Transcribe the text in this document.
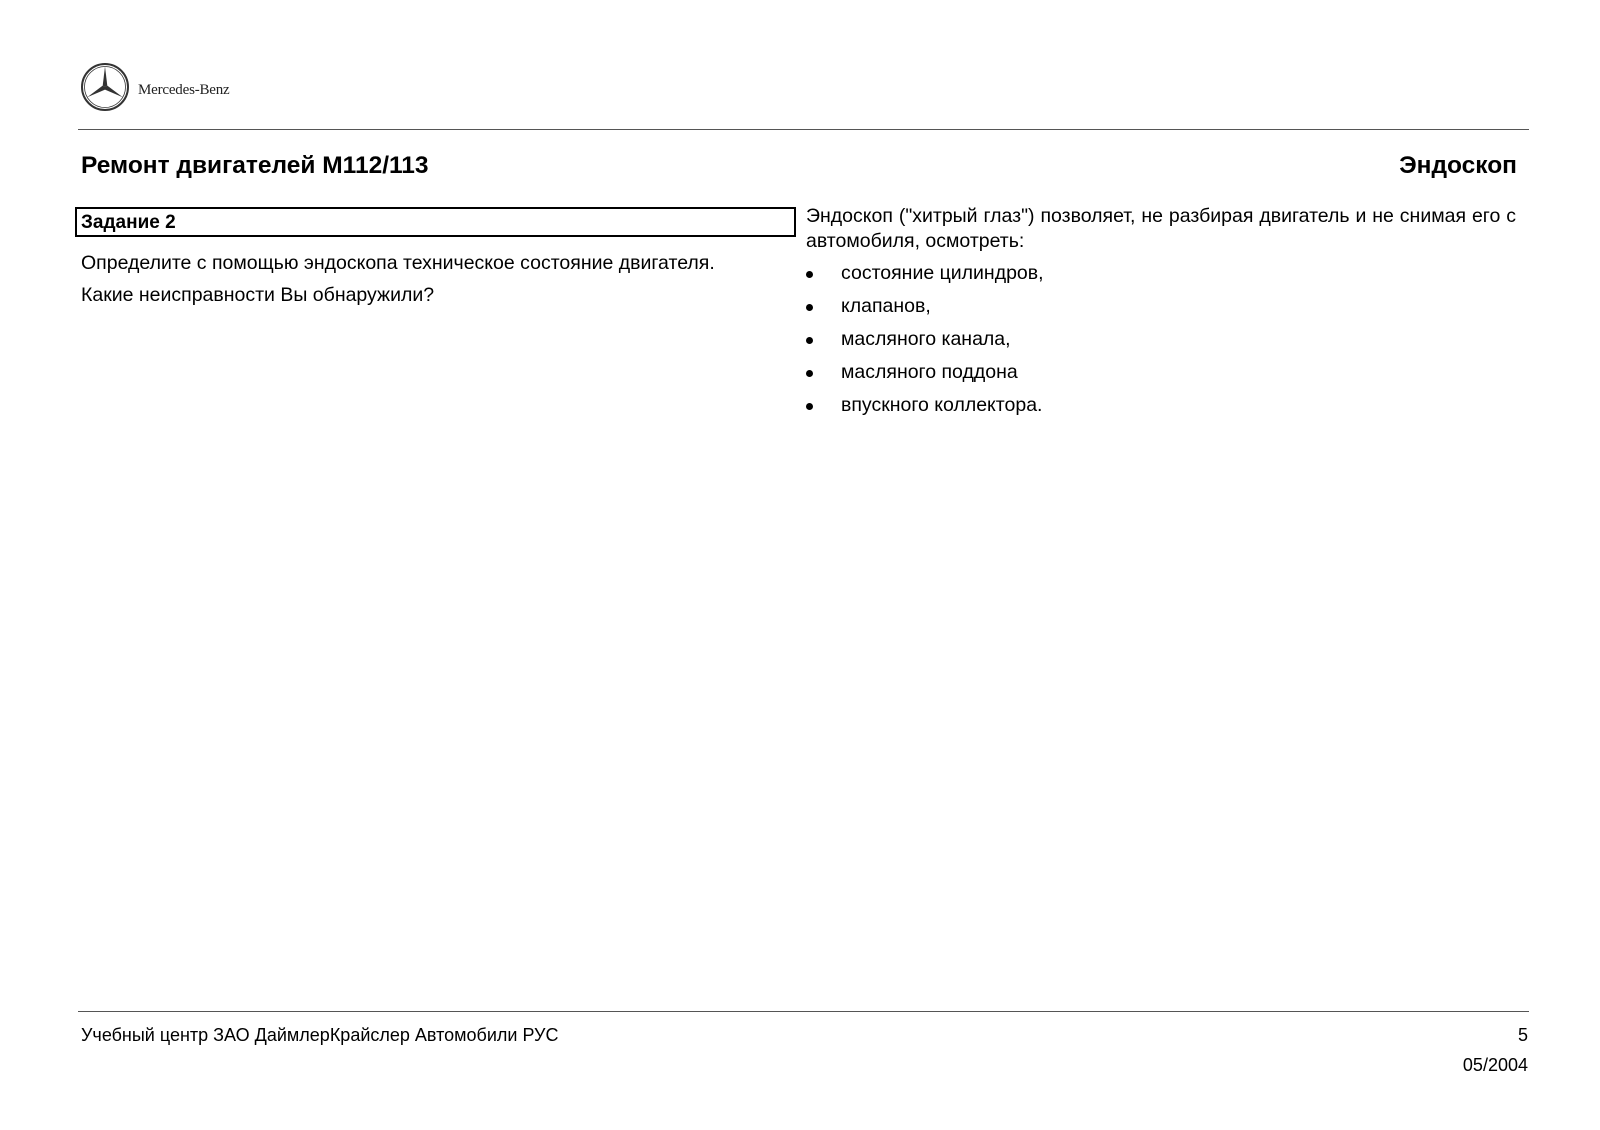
Mercedes-Benz
Ремонт двигателей М112/113	Эндоскоп
Задание 2

Определите с помощью эндоскопа техническое состояние двигателя.

Какие неисправности Вы обнаружили?

Эндоскоп ("хитрый глаз") позволяет, не разбирая двигатель и не снимая его с автомобиля, осмотреть:
состояние цилиндров,
клапанов,
масляного канала,
масляного поддона
впускного коллектора.
Учебный центр ЗАО ДаймлерКрайслер Автомобили РУС	5
05/2004
